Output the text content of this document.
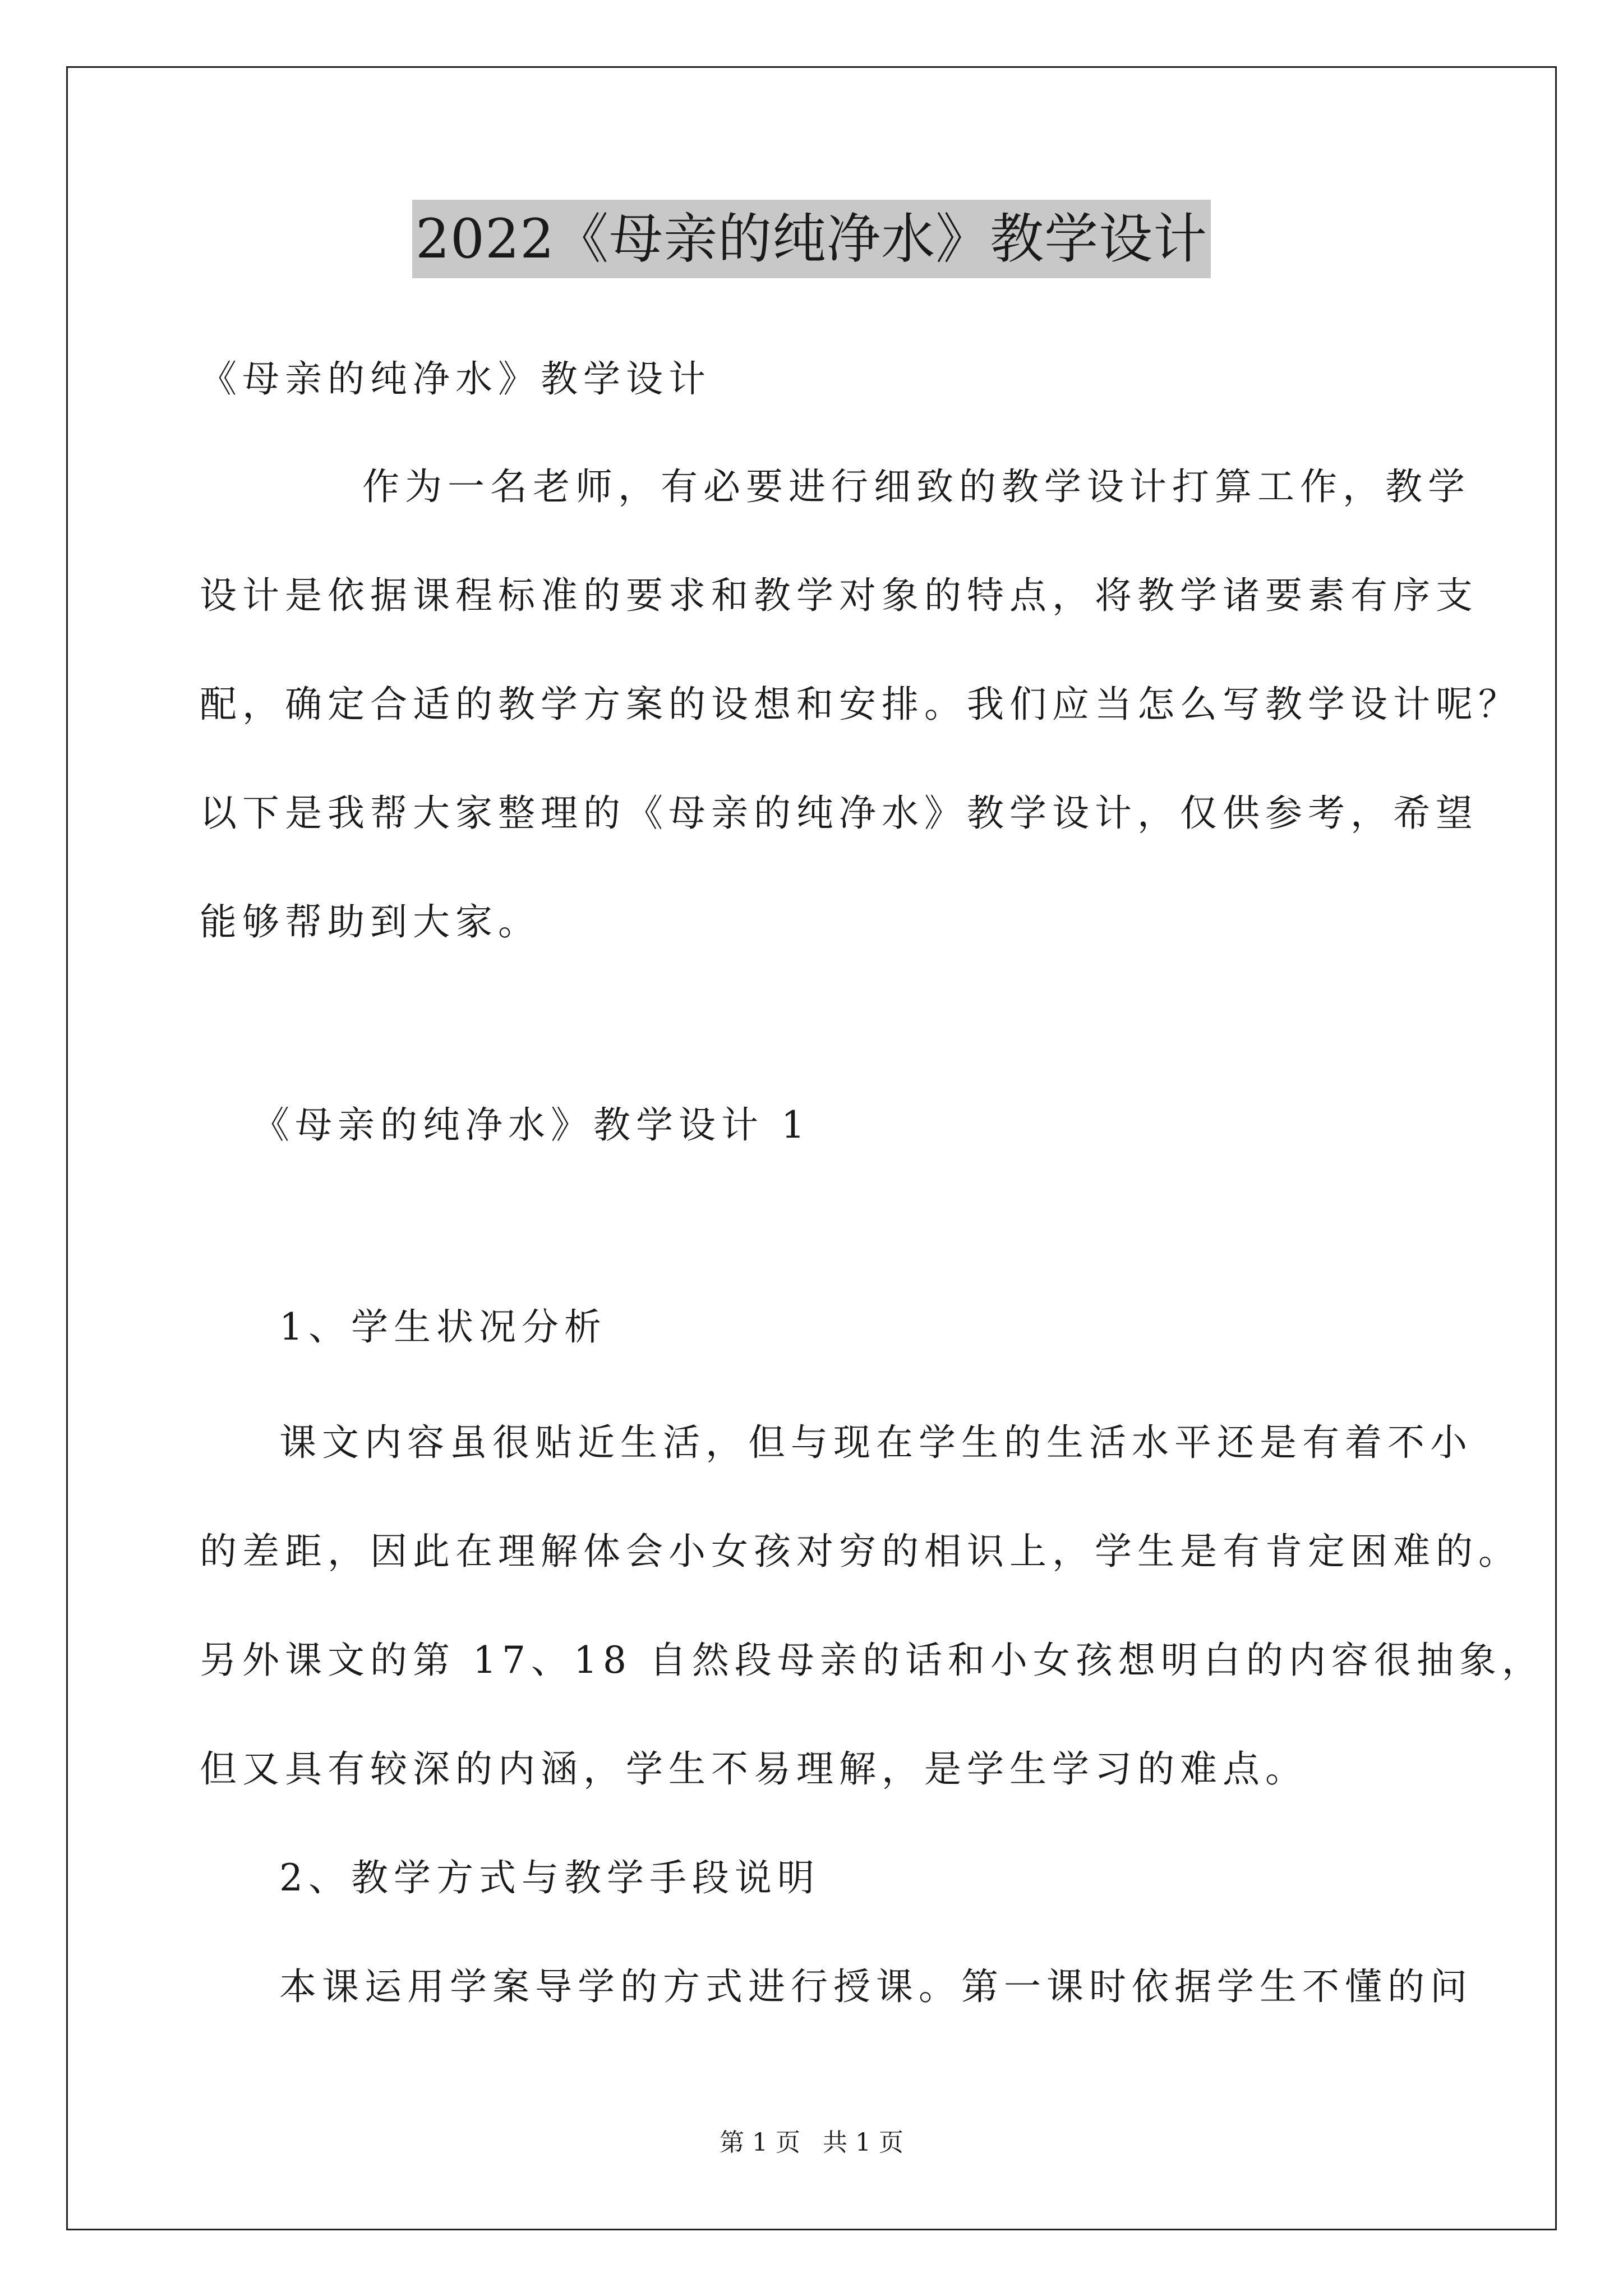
2022《母亲的纯净水》教学设计
《母亲的纯净水》教学设计
作为一名老师，有必要进行细致的教学设计打算工作，教学
设计是依据课程标准的要求和教学对象的特点，将教学诸要素有序支
配，确定合适的教学方案的设想和安排。我们应当怎么写教学设计呢？
以下是我帮大家整理的《母亲的纯净水》教学设计，仅供参考，希望
能够帮助到大家。
《母亲的纯净水》教学设计 1
1、学生状况分析
课文内容虽很贴近生活，但与现在学生的生活水平还是有着不小
的差距，因此在理解体会小女孩对穷的相识上，学生是有肯定困难的。
另外课文的第 17、18 自然段母亲的话和小女孩想明白的内容很抽象，
但又具有较深的内涵，学生不易理解，是学生学习的难点。
2、教学方式与教学手段说明
本课运用学案导学的方式进行授课。第一课时依据学生不懂的问
第 1 页 共 1 页
